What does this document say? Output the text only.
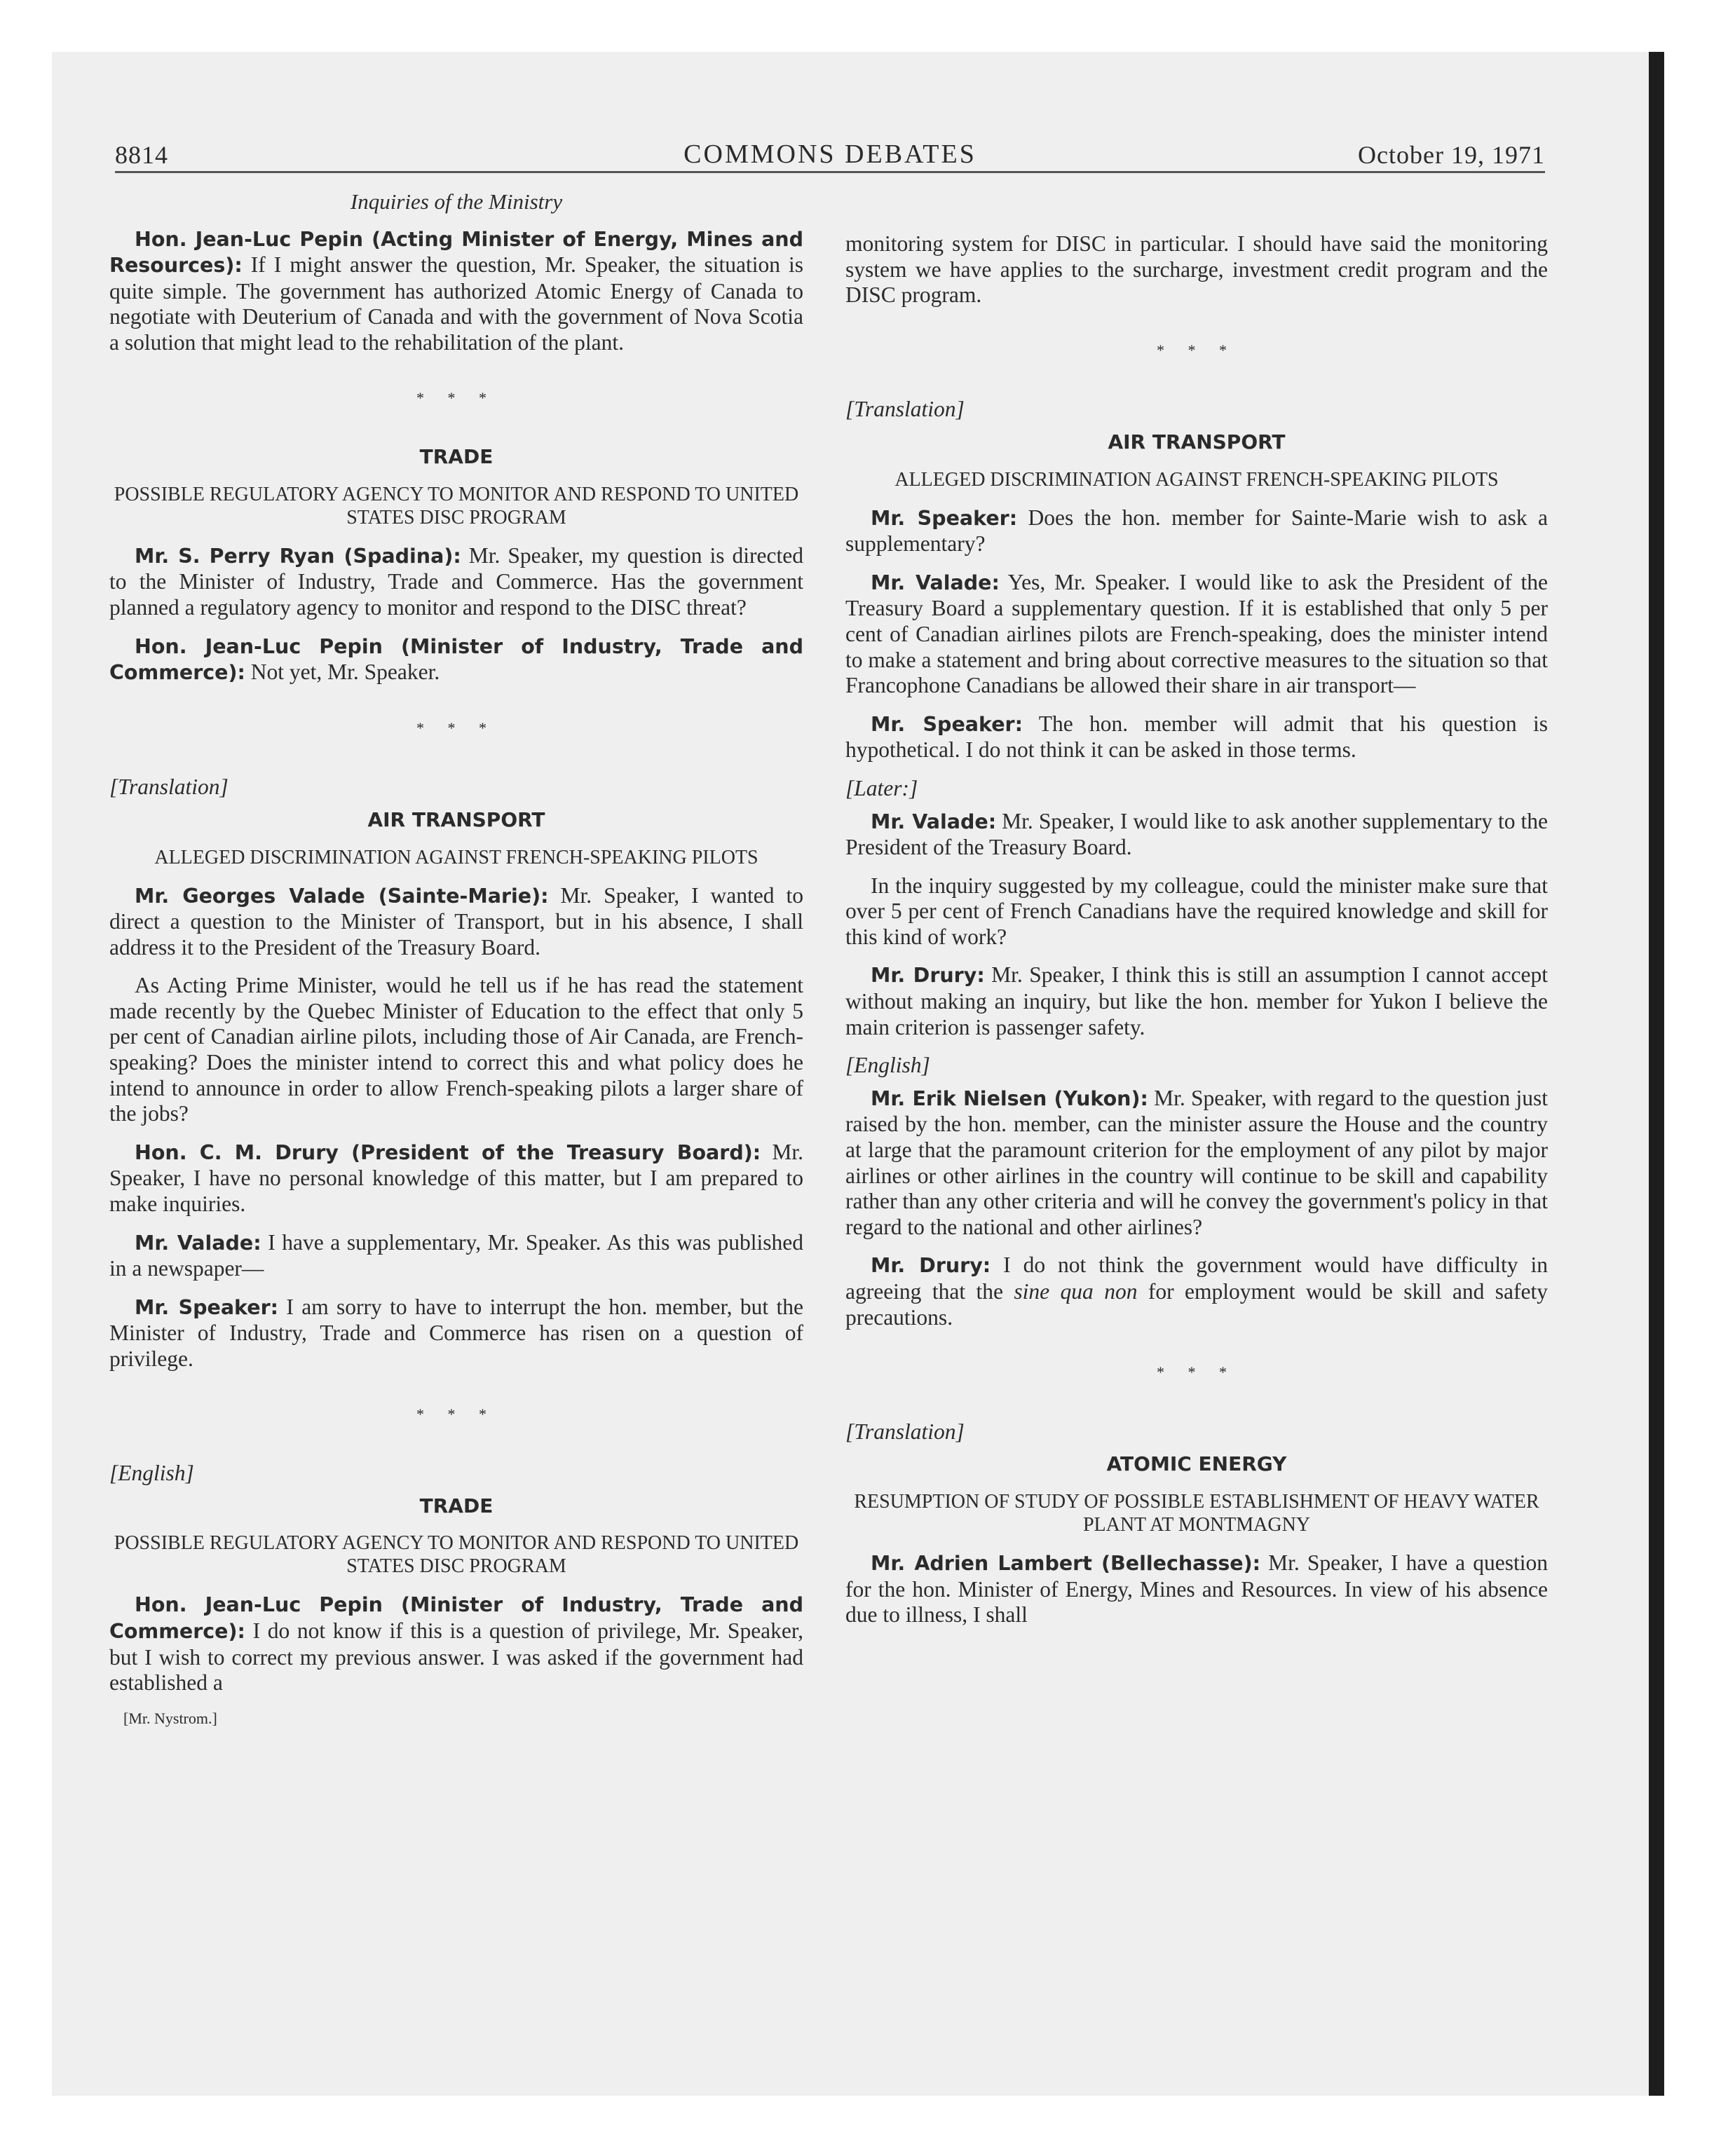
8814	COMMONS DEBATES	October 19, 1971
Inquiries of the Ministry

Hon. Jean-Luc Pepin (Acting Minister of Energy, Mines and Resources): If I might answer the question, Mr. Speaker, the situation is quite simple. The government has authorized Atomic Energy of Canada to negotiate with Deuterium of Canada and with the government of Nova Scotia a solution that might lead to the rehabilitation of the plant.

* * *
TRADE
POSSIBLE REGULATORY AGENCY TO MONITOR AND RESPOND TO UNITED STATES DISC PROGRAM

Mr. S. Perry Ryan (Spadina): Mr. Speaker, my question is directed to the Minister of Industry, Trade and Commerce. Has the government planned a regulatory agency to monitor and respond to the DISC threat?

Hon. Jean-Luc Pepin (Minister of Industry, Trade and Commerce): Not yet, Mr. Speaker.

* * *
[Translation]
AIR TRANSPORT
ALLEGED DISCRIMINATION AGAINST FRENCH-SPEAKING PILOTS

Mr. Georges Valade (Sainte-Marie): Mr. Speaker, I wanted to direct a question to the Minister of Transport, but in his absence, I shall address it to the President of the Treasury Board.

As Acting Prime Minister, would he tell us if he has read the statement made recently by the Quebec Minister of Education to the effect that only 5 per cent of Canadian airline pilots, including those of Air Canada, are French-speaking? Does the minister intend to correct this and what policy does he intend to announce in order to allow French-speaking pilots a larger share of the jobs?

Hon. C. M. Drury (President of the Treasury Board): Mr. Speaker, I have no personal knowledge of this matter, but I am prepared to make inquiries.

Mr. Valade: I have a supplementary, Mr. Speaker. As this was published in a newspaper—

Mr. Speaker: I am sorry to have to interrupt the hon. member, but the Minister of Industry, Trade and Commerce has risen on a question of privilege.

* * *
[English]
TRADE
POSSIBLE REGULATORY AGENCY TO MONITOR AND RESPOND TO UNITED STATES DISC PROGRAM

Hon. Jean-Luc Pepin (Minister of Industry, Trade and Commerce): I do not know if this is a question of privilege, Mr. Speaker, but I wish to correct my previous answer. I was asked if the government had established a

[Mr. Nystrom.]

monitoring system for DISC in particular. I should have said the monitoring system we have applies to the surcharge, investment credit program and the DISC program.

* * *
[Translation]
AIR TRANSPORT
ALLEGED DISCRIMINATION AGAINST FRENCH-SPEAKING PILOTS

Mr. Speaker: Does the hon. member for Sainte-Marie wish to ask a supplementary?

Mr. Valade: Yes, Mr. Speaker. I would like to ask the President of the Treasury Board a supplementary question. If it is established that only 5 per cent of Canadian airlines pilots are French-speaking, does the minister intend to make a statement and bring about corrective measures to the situation so that Francophone Canadians be allowed their share in air transport—

Mr. Speaker: The hon. member will admit that his question is hypothetical. I do not think it can be asked in those terms.

[Later:]

Mr. Valade: Mr. Speaker, I would like to ask another supplementary to the President of the Treasury Board.

In the inquiry suggested by my colleague, could the minister make sure that over 5 per cent of French Canadians have the required knowledge and skill for this kind of work?

Mr. Drury: Mr. Speaker, I think this is still an assumption I cannot accept without making an inquiry, but like the hon. member for Yukon I believe the main criterion is passenger safety.

[English]

Mr. Erik Nielsen (Yukon): Mr. Speaker, with regard to the question just raised by the hon. member, can the minister assure the House and the country at large that the paramount criterion for the employment of any pilot by major airlines or other airlines in the country will continue to be skill and capability rather than any other criteria and will he convey the government's policy in that regard to the national and other airlines?

Mr. Drury: I do not think the government would have difficulty in agreeing that the sine qua non for employment would be skill and safety precautions.

* * *
[Translation]
ATOMIC ENERGY
RESUMPTION OF STUDY OF POSSIBLE ESTABLISHMENT OF HEAVY WATER PLANT AT MONTMAGNY

Mr. Adrien Lambert (Bellechasse): Mr. Speaker, I have a question for the hon. Minister of Energy, Mines and Resources. In view of his absence due to illness, I shall
